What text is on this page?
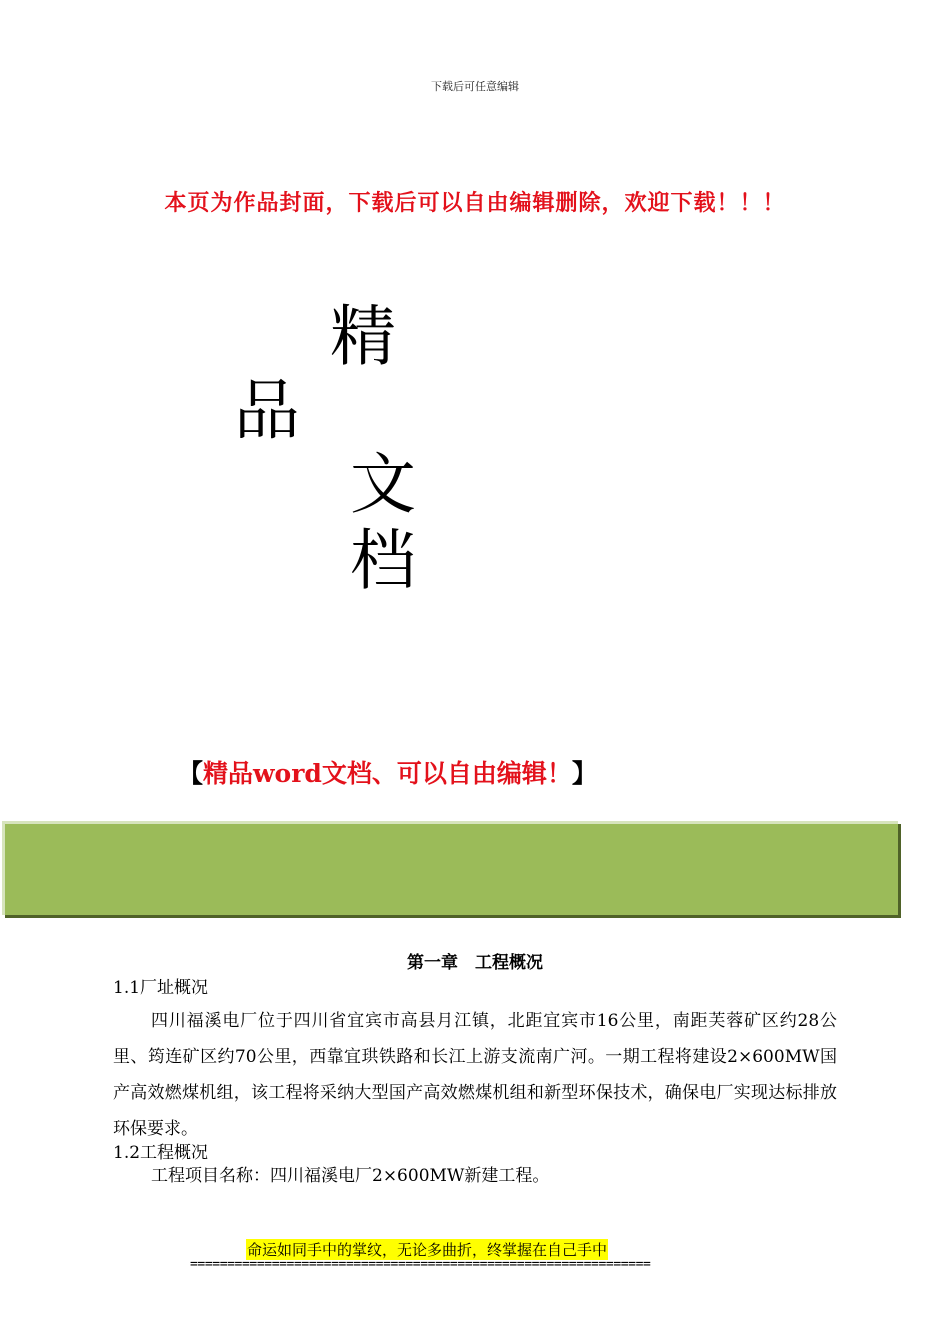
下载后可任意编辑
本页为作品封面，下载后可以自由编辑删除，欢迎下载！！！
精
品
文
档
【精品word文档、可以自由编辑！】
第一章　工程概况
1.1厂址概况
四川福溪电厂位于四川省宜宾市高县月江镇，北距宜宾市16公里，南距芙蓉矿区约28公里、筠连矿区约70公里，西靠宜珙铁路和长江上游支流南广河。一期工程将建设2×600MW国产高效燃煤机组，该工程将采纳大型国产高效燃煤机组和新型环保技术，确保电厂实现达标排放环保要求。
1.2工程概况
工程项目名称：四川福溪电厂2×600MW新建工程。
命运如同手中的掌纹，无论多曲折，终掌握在自己手中
==============================================================
